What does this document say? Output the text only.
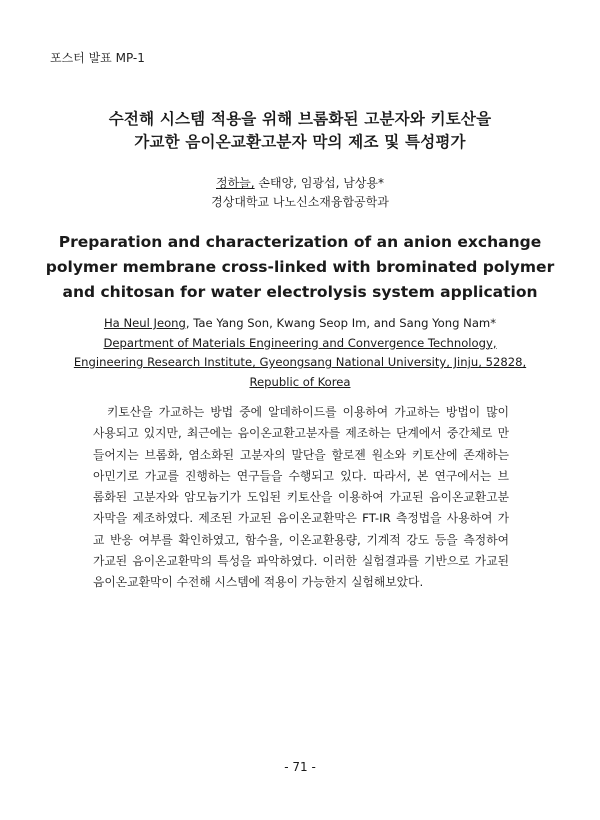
포스터 발표 MP-1
수전해 시스템 적용을 위해 브롬화된 고분자와 키토산을
가교한 음이온교환고분자 막의 제조 및 특성평가
정하늘, 손태양, 임광섭, 남상용*
경상대학교 나노신소재융합공학과
Preparation and characterization of an anion exchange
polymer membrane cross-linked with brominated polymer
and chitosan for water electrolysis system application
Ha Neul Jeong, Tae Yang Son, Kwang Seop Im, and Sang Yong Nam*
Department of Materials Engineering and Convergence Technology,
Engineering Research Institute, Gyeongsang National University, Jinju, 52828,
Republic of Korea
키토산을 가교하는 방법 중에 알데하이드를 이용하여 가교하는 방법이 많이
사용되고 있지만, 최근에는 음이온교환고분자를 제조하는 단계에서 중간체로 만
들어지는 브롬화, 염소화된 고분자의 말단을 할로젠 원소와 키토산에 존재하는
아민기로 가교를 진행하는 연구들을 수행되고 있다. 따라서, 본 연구에서는 브
롬화된 고분자와 암모늄기가 도입된 키토산을 이용하여 가교된 음이온교환고분
자막을 제조하였다. 제조된 가교된 음이온교환막은 FT-IR 측정법을 사용하여 가
교 반응 여부를 확인하였고, 함수율, 이온교환용량, 기계적 강도 등을 측정하여
가교된 음이온교환막의 특성을 파악하였다. 이러한 실험결과를 기반으로 가교된
음이온교환막이 수전해 시스템에 적용이 가능한지 실험해보았다.
- 71 -
